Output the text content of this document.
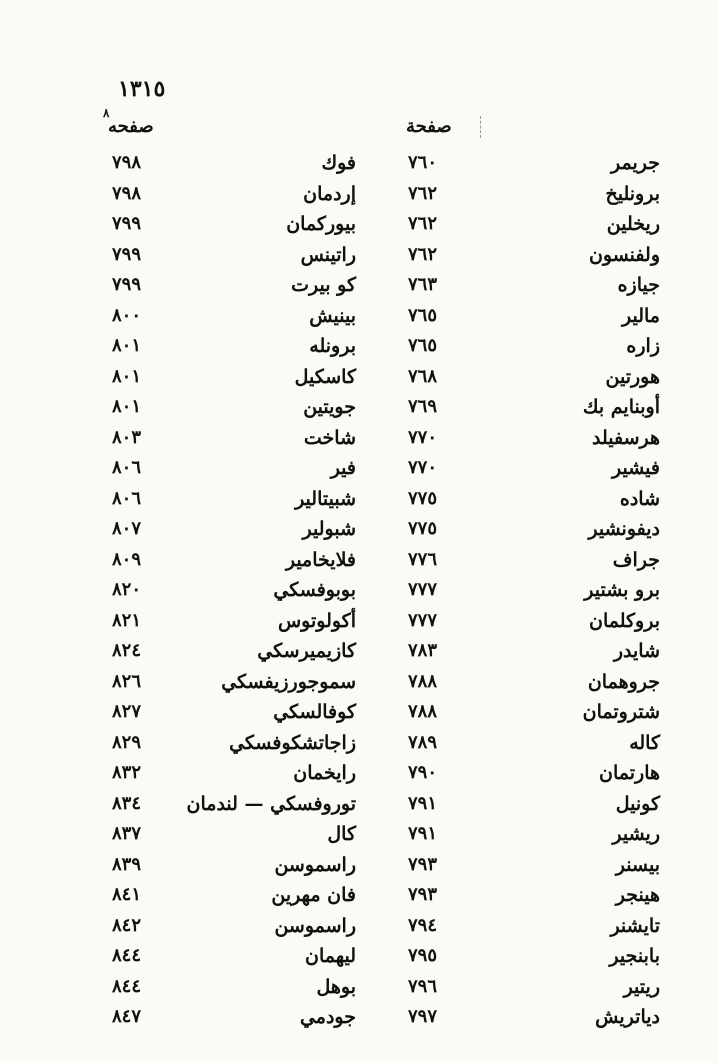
١٣١٥
٨
صفحه	صفحة
جريمر
٧٦٠
فوك
٧٩٨
برونليخ
٧٦٢
إردمان
٧٩٨
ريخلين
٧٦٢
بيوركمان
٧٩٩
ولفنسون
٧٦٢
راتينس
٧٩٩
جيازه
٧٦٣
كو بيرت
٧٩٩
مالير
٧٦٥
بينيش
٨٠٠
زاره
٧٦٥
برونله
٨٠١
هورتين
٧٦٨
كاسكيل
٨٠١
أوبنايم بك
٧٦٩
جويتين
٨٠١
هرسفيلد
٧٧٠
شاخت
٨٠٣
فيشير
٧٧٠
فير
٨٠٦
شاده
٧٧٥
شبيتالير
٨٠٦
ديفونشير
٧٧٥
شبولير
٨٠٧
جراف
٧٧٦
فلايخامير
٨٠٩
برو بشتير
٧٧٧
بوبوفسكي
٨٢٠
بروكلمان
٧٧٧
أكولوتوس
٨٢١
شايدر
٧٨٣
كازيميرسكي
٨٢٤
جروهمان
٧٨٨
سموجورزيفسكي
٨٢٦
شتروتمان
٧٨٨
كوفالسكي
٨٢٧
كاله
٧٨٩
زاجاتشكوفسكي
٨٢٩
هارتمان
٧٩٠
رايخمان
٨٣٢
كونيل
٧٩١
توروفسكي — لندمان
٨٣٤
ريشير
٧٩١
كال
٨٣٧
بيسنر
٧٩٣
راسموسن
٨٣٩
هينجر
٧٩٣
فان مهرين
٨٤١
تايشنر
٧٩٤
راسموسن
٨٤٢
بابنجير
٧٩٥
ليهمان
٨٤٤
ريتير
٧٩٦
بوهل
٨٤٤
دياتريش
٧٩٧
جودمي
٨٤٧
